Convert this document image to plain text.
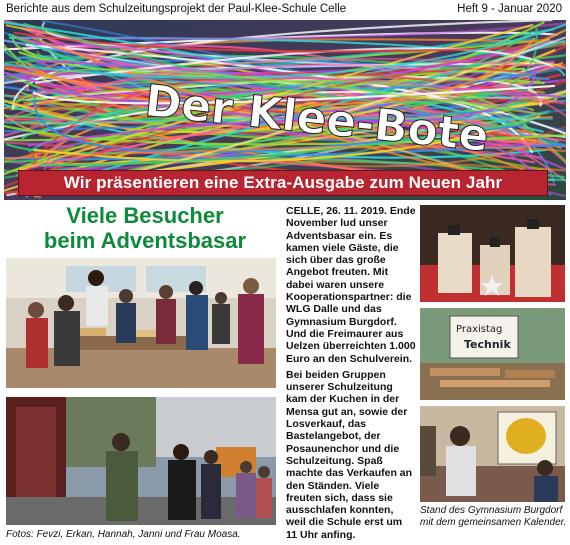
Berichte aus dem Schulzeitungsprojekt der Paul-Klee-Schule Celle	Heft 9 - Januar 2020
Der Klee-Bote
Wir präsentieren eine Extra-Ausgabe zum Neuen Jahr
Viele Besucher
beim Adventsbasar
Fotos: Fevzi, Erkan, Hannah, Janni und Frau Moasa.

CELLE, 26. 11. 2019. Ende November lud unser Adventsbasar ein. Es kamen viele Gäste, die sich über das große Angebot freuten. Mit dabei waren unsere Kooperationspartner: die WLG Dalle und das Gymnasium Burgdorf. Und die Freimaurer aus Uelzen überreichten 1.000 Euro an den Schulverein.

Bei beiden Gruppen unserer Schulzeitung kam der Kuchen in der Mensa gut an, sowie der Losverkauf, das Bastelangebot, der Posaunenchor und die Schulzeitung. Spaß machte das Verkaufen an den Ständen. Viele freuten sich, dass sie ausschlafen konnten, weil die Schule erst um 11 Uhr anfing.

Praxistag
Technik
Stand des Gymnasium Burgdorf mit dem gemeinsamen Kalender.
